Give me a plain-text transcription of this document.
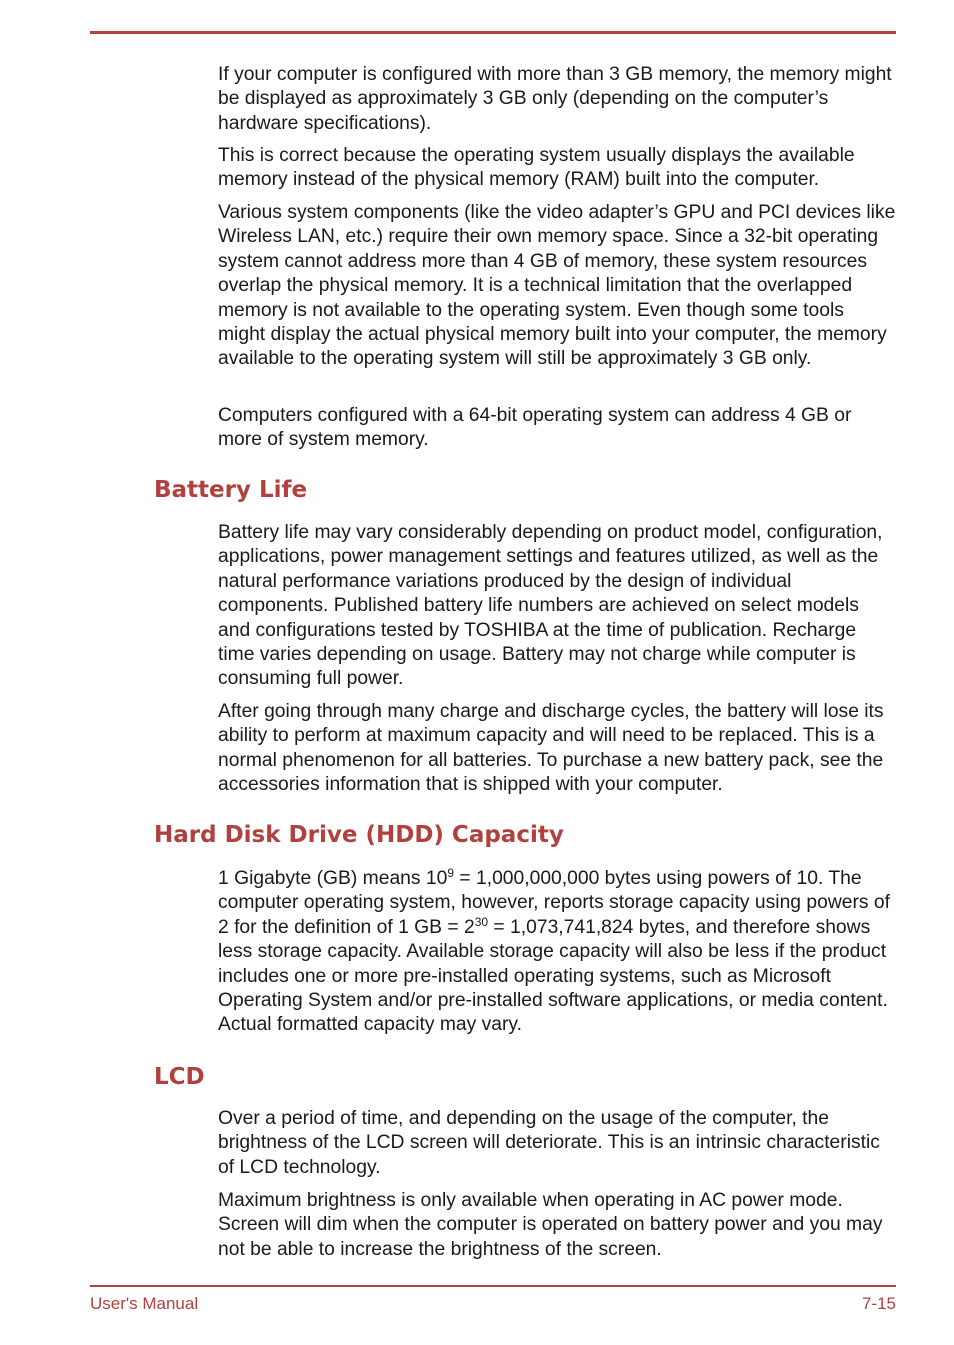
If your computer is configured with more than 3 GB memory, the memory might be displayed as approximately 3 GB only (depending on the computer’s hardware specifications).

This is correct because the operating system usually displays the available memory instead of the physical memory (RAM) built into the computer.

Various system components (like the video adapter’s GPU and PCI devices like Wireless LAN, etc.) require their own memory space. Since a 32-bit operating system cannot address more than 4 GB of memory, these system resources overlap the physical memory. It is a technical limitation that the overlapped memory is not available to the operating system. Even though some tools might display the actual physical memory built into your computer, the memory available to the operating system will still be approximately 3 GB only.

Computers configured with a 64-bit operating system can address 4 GB or more of system memory.

Battery Life

Battery life may vary considerably depending on product model, configuration, applications, power management settings and features utilized, as well as the natural performance variations produced by the design of individual components. Published battery life numbers are achieved on select models and configurations tested by TOSHIBA at the time of publication. Recharge time varies depending on usage. Battery may not charge while computer is consuming full power.

After going through many charge and discharge cycles, the battery will lose its ability to perform at maximum capacity and will need to be replaced. This is a normal phenomenon for all batteries. To purchase a new battery pack, see the accessories information that is shipped with your computer.

Hard Disk Drive (HDD) Capacity

1 Gigabyte (GB) means $10^9 = 1,000,000,000$ bytes using powers of 10. The computer operating system, however, reports storage capacity using powers of 2 for the definition of 1 GB = $2^{30} = 1,073,741,824$ bytes, and therefore shows less storage capacity. Available storage capacity will also be less if the product includes one or more pre-installed operating systems, such as Microsoft Operating System and/or pre-installed software applications, or media content. Actual formatted capacity may vary.

LCD

Over a period of time, and depending on the usage of the computer, the brightness of the LCD screen will deteriorate. This is an intrinsic characteristic of LCD technology.

Maximum brightness is only available when operating in AC power mode. Screen will dim when the computer is operated on battery power and you may not be able to increase the brightness of the screen.

User's Manual	7-15
